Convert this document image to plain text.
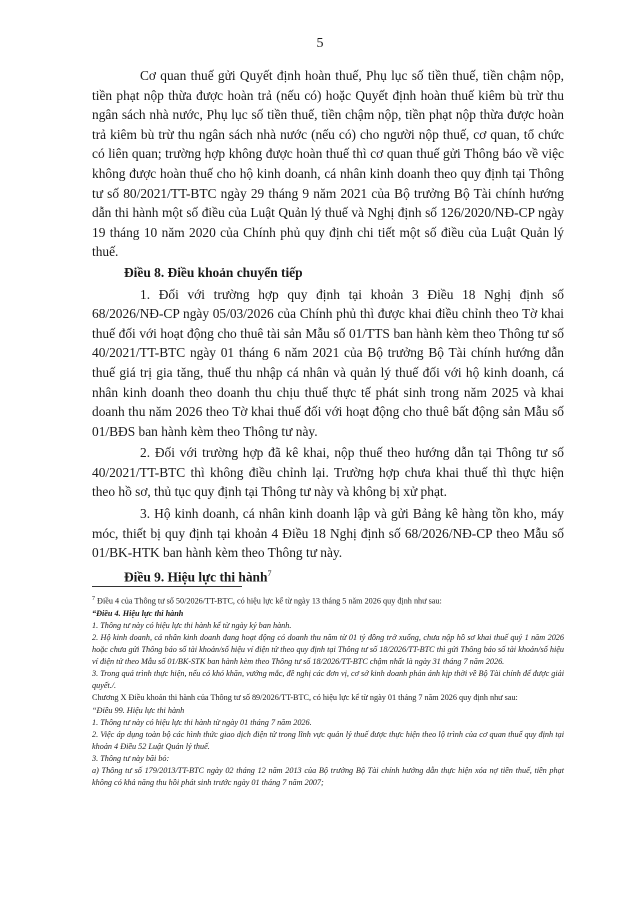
5

Cơ quan thuế gửi Quyết định hoàn thuế, Phụ lục số tiền thuế, tiền chậm nộp, tiền phạt nộp thừa được hoàn trả (nếu có) hoặc Quyết định hoàn thuế kiêm bù trừ thu ngân sách nhà nước, Phụ lục số tiền thuế, tiền chậm nộp, tiền phạt nộp thừa được hoàn trả kiêm bù trừ thu ngân sách nhà nước (nếu có) cho người nộp thuế, cơ quan, tổ chức có liên quan; trường hợp không được hoàn thuế thì cơ quan thuế gửi Thông báo về việc không được hoàn thuế cho hộ kinh doanh, cá nhân kinh doanh theo quy định tại Thông tư số 80/2021/TT-BTC ngày 29 tháng 9 năm 2021 của Bộ trưởng Bộ Tài chính hướng dẫn thi hành một số điều của Luật Quản lý thuế và Nghị định số 126/2020/NĐ-CP ngày 19 tháng 10 năm 2020 của Chính phủ quy định chi tiết một số điều của Luật Quản lý thuế.

Điều 8. Điều khoản chuyển tiếp

1. Đối với trường hợp quy định tại khoản 3 Điều 18 Nghị định số 68/2026/NĐ-CP ngày 05/03/2026 của Chính phủ thì được khai điều chỉnh theo Tờ khai thuế đối với hoạt động cho thuê tài sản Mẫu số 01/TTS ban hành kèm theo Thông tư số 40/2021/TT-BTC ngày 01 tháng 6 năm 2021 của Bộ trưởng Bộ Tài chính hướng dẫn thuế giá trị gia tăng, thuế thu nhập cá nhân và quản lý thuế đối với hộ kinh doanh, cá nhân kinh doanh theo doanh thu chịu thuế thực tế phát sinh trong năm 2025 và khai doanh thu năm 2026 theo Tờ khai thuế đối với hoạt động cho thuê bất động sản Mẫu số 01/BĐS ban hành kèm theo Thông tư này.

2. Đối với trường hợp đã kê khai, nộp thuế theo hướng dẫn tại Thông tư số 40/2021/TT-BTC thì không điều chỉnh lại. Trường hợp chưa khai thuế thì thực hiện theo hồ sơ, thủ tục quy định tại Thông tư này và không bị xử phạt.

3. Hộ kinh doanh, cá nhân kinh doanh lập và gửi Bảng kê hàng tồn kho, máy móc, thiết bị quy định tại khoản 4 Điều 18 Nghị định số 68/2026/NĐ-CP theo Mẫu số 01/BK-HTK ban hành kèm theo Thông tư này.

Điều 9. Hiệu lực thi hành$^7$

$^7$ Điều 4 của Thông tư số 50/2026/TT-BTC, có hiệu lực kể từ ngày 13 tháng 5 năm 2026 quy định như sau:

“Điều 4. Hiệu lực thi hành

1. Thông tư này có hiệu lực thi hành kể từ ngày ký ban hành.

2. Hộ kinh doanh, cá nhân kinh doanh đang hoạt động có doanh thu năm từ 01 tỷ đồng trở xuống, chưa nộp hồ sơ khai thuế quý 1 năm 2026 hoặc chưa gửi Thông báo số tài khoản/số hiệu ví điện tử theo quy định tại Thông tư số 18/2026/TT-BTC thì gửi Thông báo số tài khoản/số hiệu ví điện tử theo Mẫu số 01/BK-STK ban hành kèm theo Thông tư số 18/2026/TT-BTC chậm nhất là ngày 31 tháng 7 năm 2026.

3. Trong quá trình thực hiện, nếu có khó khăn, vướng mắc, đề nghị các đơn vị, cơ sở kinh doanh phản ánh kịp thời về Bộ Tài chính để được giải quyết./.

Chương X Điều khoản thi hành của Thông tư số 89/2026/TT-BTC, có hiệu lực kể từ ngày 01 tháng 7 năm 2026 quy định như sau:

“Điều 99. Hiệu lực thi hành

1. Thông tư này có hiệu lực thi hành từ ngày 01 tháng 7 năm 2026.

2. Việc áp dụng toàn bộ các hình thức giao dịch điện tử trong lĩnh vực quản lý thuế được thực hiện theo lộ trình của cơ quan thuế quy định tại khoản 4 Điều 52 Luật Quản lý thuế.

3. Thông tư này bãi bỏ:

a) Thông tư số 179/2013/TT-BTC ngày 02 tháng 12 năm 2013 của Bộ trưởng Bộ Tài chính hướng dẫn thực hiện xóa nợ tiền thuế, tiền phạt không có khả năng thu hồi phát sinh trước ngày 01 tháng 7 năm 2007;
